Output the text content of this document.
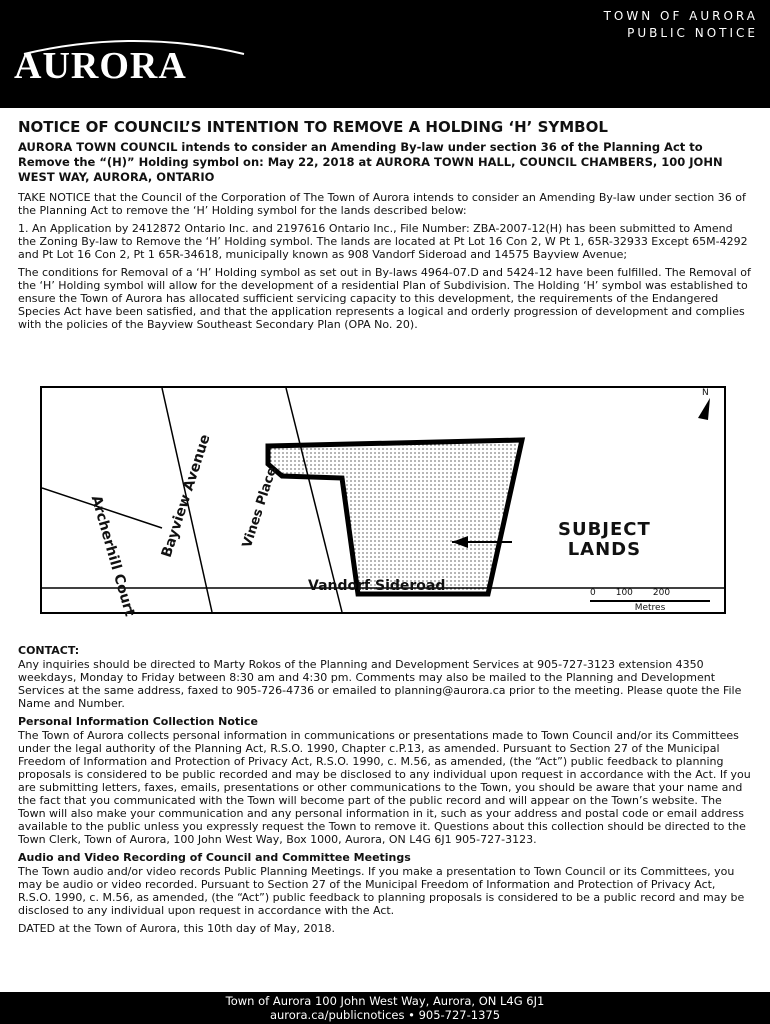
AURORA
TOWN OF AURORA
PUBLIC NOTICE
NOTICE OF COUNCIL’S INTENTION TO REMOVE A HOLDING ‘H’ SYMBOL
AURORA TOWN COUNCIL intends to consider an Amending By-law under section 36 of the Planning Act to Remove the “(H)” Holding symbol on: May 22, 2018 at AURORA TOWN HALL, COUNCIL CHAMBERS, 100 JOHN WEST WAY, AURORA, ONTARIO

TAKE NOTICE that the Council of the Corporation of The Town of Aurora intends to consider an Amending By-law under section 36 of the Planning Act to remove the ‘H’ Holding symbol for the lands described below:

1. An Application by 2412872 Ontario Inc. and 2197616 Ontario Inc., File Number: ZBA-2007-12(H) has been submitted to Amend the Zoning By-law to Remove the ‘H’ Holding symbol. The lands are located at Pt Lot 16 Con 2, W Pt 1, 65R-32933 Except 65M-4292 and Pt Lot 16 Con 2, Pt 1 65R-34618, municipally known as 908 Vandorf Sideroad and 14575 Bayview Avenue;

The conditions for Removal of a ‘H’ Holding symbol as set out in By-laws 4964-07.D and 5424-12 have been fulfilled. The Removal of the ‘H’ Holding symbol will allow for the development of a residential Plan of Subdivision. The Holding ‘H’ symbol was established to ensure the Town of Aurora has allocated sufficient servicing capacity to this development, the requirements of the Endangered Species Act have been satisfied, and that the application represents a logical and orderly progression of development and complies with the policies of the Bayview Southeast Secondary Plan (OPA No. 20).

Archerhill Court Bayview Avenue Vines Place
Vandorf Sideroad
N
SUBJECT
LANDS
0 100 200
Metres
CONTACT:

Any inquiries should be directed to Marty Rokos of the Planning and Development Services at 905-727-3123 extension 4350 weekdays, Monday to Friday between 8:30 am and 4:30 pm. Comments may also be mailed to the Planning and Development Services at the same address, faxed to 905-726-4736 or emailed to planning@aurora.ca prior to the meeting. Please quote the File Name and Number.

Personal Information Collection Notice

The Town of Aurora collects personal information in communications or presentations made to Town Council and/or its Committees under the legal authority of the Planning Act, R.S.O. 1990, Chapter c.P.13, as amended. Pursuant to Section 27 of the Municipal Freedom of Information and Protection of Privacy Act, R.S.O. 1990, c. M.56, as amended, (the “Act”) public feedback to planning proposals is considered to be public recorded and may be disclosed to any individual upon request in accordance with the Act. If you are submitting letters, faxes, emails, presentations or other communications to the Town, you should be aware that your name and the fact that you communicated with the Town will become part of the public record and will appear on the Town’s website. The Town will also make your communication and any personal information in it, such as your address and postal code or email address available to the public unless you expressly request the Town to remove it. Questions about this collection should be directed to the Town Clerk, Town of Aurora, 100 John West Way, Box 1000, Aurora, ON L4G 6J1 905-727-3123.

Audio and Video Recording of Council and Committee Meetings

The Town audio and/or video records Public Planning Meetings. If you make a presentation to Town Council or its Committees, you may be audio or video recorded. Pursuant to Section 27 of the Municipal Freedom of Information and Protection of Privacy Act, R.S.O. 1990, c. M.56, as amended, (the “Act”) public feedback to planning proposals is considered to be a public record and may be disclosed to any individual upon request in accordance with the Act.

DATED at the Town of Aurora, this 10th day of May, 2018.

Town of Aurora 100 John West Way, Aurora, ON L4G 6J1
aurora.ca/publicnotices • 905-727-1375
